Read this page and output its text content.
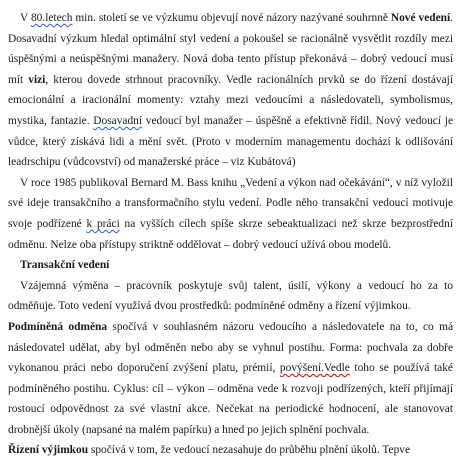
V 80.letech min. století se ve výzkumu objevují nové názory nazývané souhrnně Nové vedení. Dosavadní výzkum hledal optimální styl vedení a pokoušel se racionálně vysvětlit rozdíly mezi úspěšnými a neúspěšnými manažery. Nová doba tento přístup překonává – dobrý vedoucí musí mít vizi, kterou dovede strhnout pracovníky. Vedle racionálních prvků se do řízení dostávají emocionální a iracionální momenty: vztahy mezi vedoucími a následovateli, symbolismus, mystika, fantazie. Dosavadní vedoucí byl manažer – úspěšně a efektivně řídil. Nový vedoucí je vůdce, který získává lidi a mění svět. (Proto v moderním managementu dochází k odlišování leadrschipu (vůdcovství) od manažerské práce – viz Kubátová)

V roce 1985 publikoval Bernard M. Bass knihu „Vedení a výkon nad očekávání“, v níž vyložil své ideje transakčního a transformačního stylu vedení. Podle něho transakční vedoucí motivuje svoje podřízené k práci na vyšších cílech spíše skrze sebeaktualizaci než skrze bezprostřední odměnu. Nelze oba přístupy striktně oddělovat – dobrý vedoucí užívá obou modelů.

Transakční vedení

Vzájemná výměna – pracovník poskytuje svůj talent, úsilí, výkony a vedoucí ho za to odměňuje. Toto vedení využívá dvou prostředků: podmíněné odměny a řízení výjimkou.

Podmíněná odměna spočívá v souhlasném názoru vedoucího a následovatele na to, co má následovatel udělat, aby byl odměněn nebo aby se vyhnul postihu. Forma: pochvala za dobře vykonanou práci nebo doporučení zvýšení platu, prémií, povýšení.Vedle toho se používá také podmíněného postihu. Cyklus: cíl – výkon – odměna vede k rozvoji podřízených, kteří přijímají rostoucí odpovědnost za své vlastní akce. Nečekat na periodické hodnocení, ale stanovovat drobnější úkoly (napsané na malém papírku) a hned po jejich splnění pochvala.

Řízení výjimkou spočívá v tom, že vedoucí nezasahuje do průběhu plnění úkolů. Tepve
